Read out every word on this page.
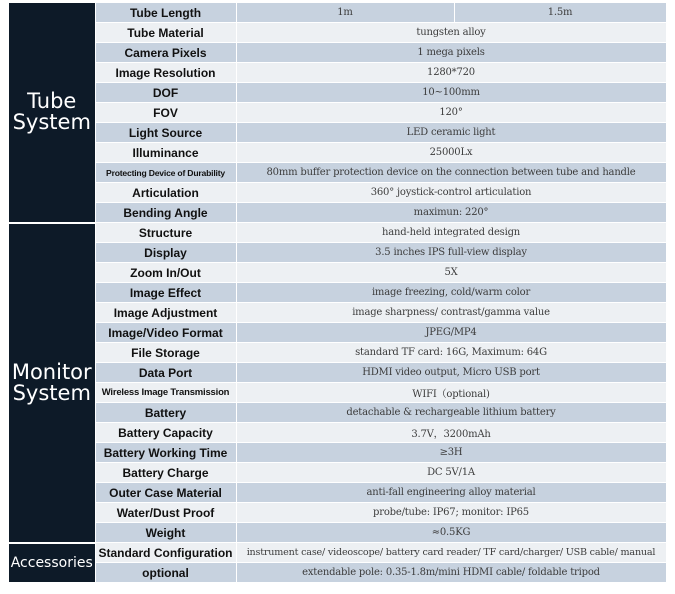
Tube
System	Tube Length	1m	1.5m
	Tube Material	tungsten alloy	
	Camera Pixels	1 mega pixels	
	Image Resolution	1280*720	
	DOF	10~100mm	
	FOV	120°	
	Light Source	LED ceramic light	
	Illuminance	25000Lx	
	Protecting Device of Durability	80mm buffer protection device on the connection between tube and handle	
	Articulation	360° joystick-control articulation	
	Bending Angle	maximun: 220°	
Monitor
System	Structure	hand-held integrated design	
	Display	3.5 inches IPS full-view display	
	Zoom In/Out	5X	
	Image Effect	image freezing, cold/warm color	
	Image Adjustment	image sharpness/ contrast/gamma value	
	Image/Video Format	JPEG/MP4	
	File Storage	standard TF card: 16G, Maximum: 64G	
	Data Port	HDMI video output, Micro USB port	
	Wireless Image Transmission	WIFI（optional)	
	Battery	detachable & rechargeable lithium battery	
	Battery Capacity	3.7V，3200mAh	
	Battery Working Time	≥3H	
	Battery Charge	DC 5V/1A	
	Outer Case Material	anti-fall engineering alloy material	
	Water/Dust Proof	probe/tube: IP67; monitor: IP65	
	Weight	≈0.5KG	
Accessories	Standard Configuration	instrument case/ videoscope/ battery card reader/ TF card/charger/ USB cable/ manual	
	optional	extendable pole: 0.35-1.8m/mini HDMI cable/ foldable tripod	
